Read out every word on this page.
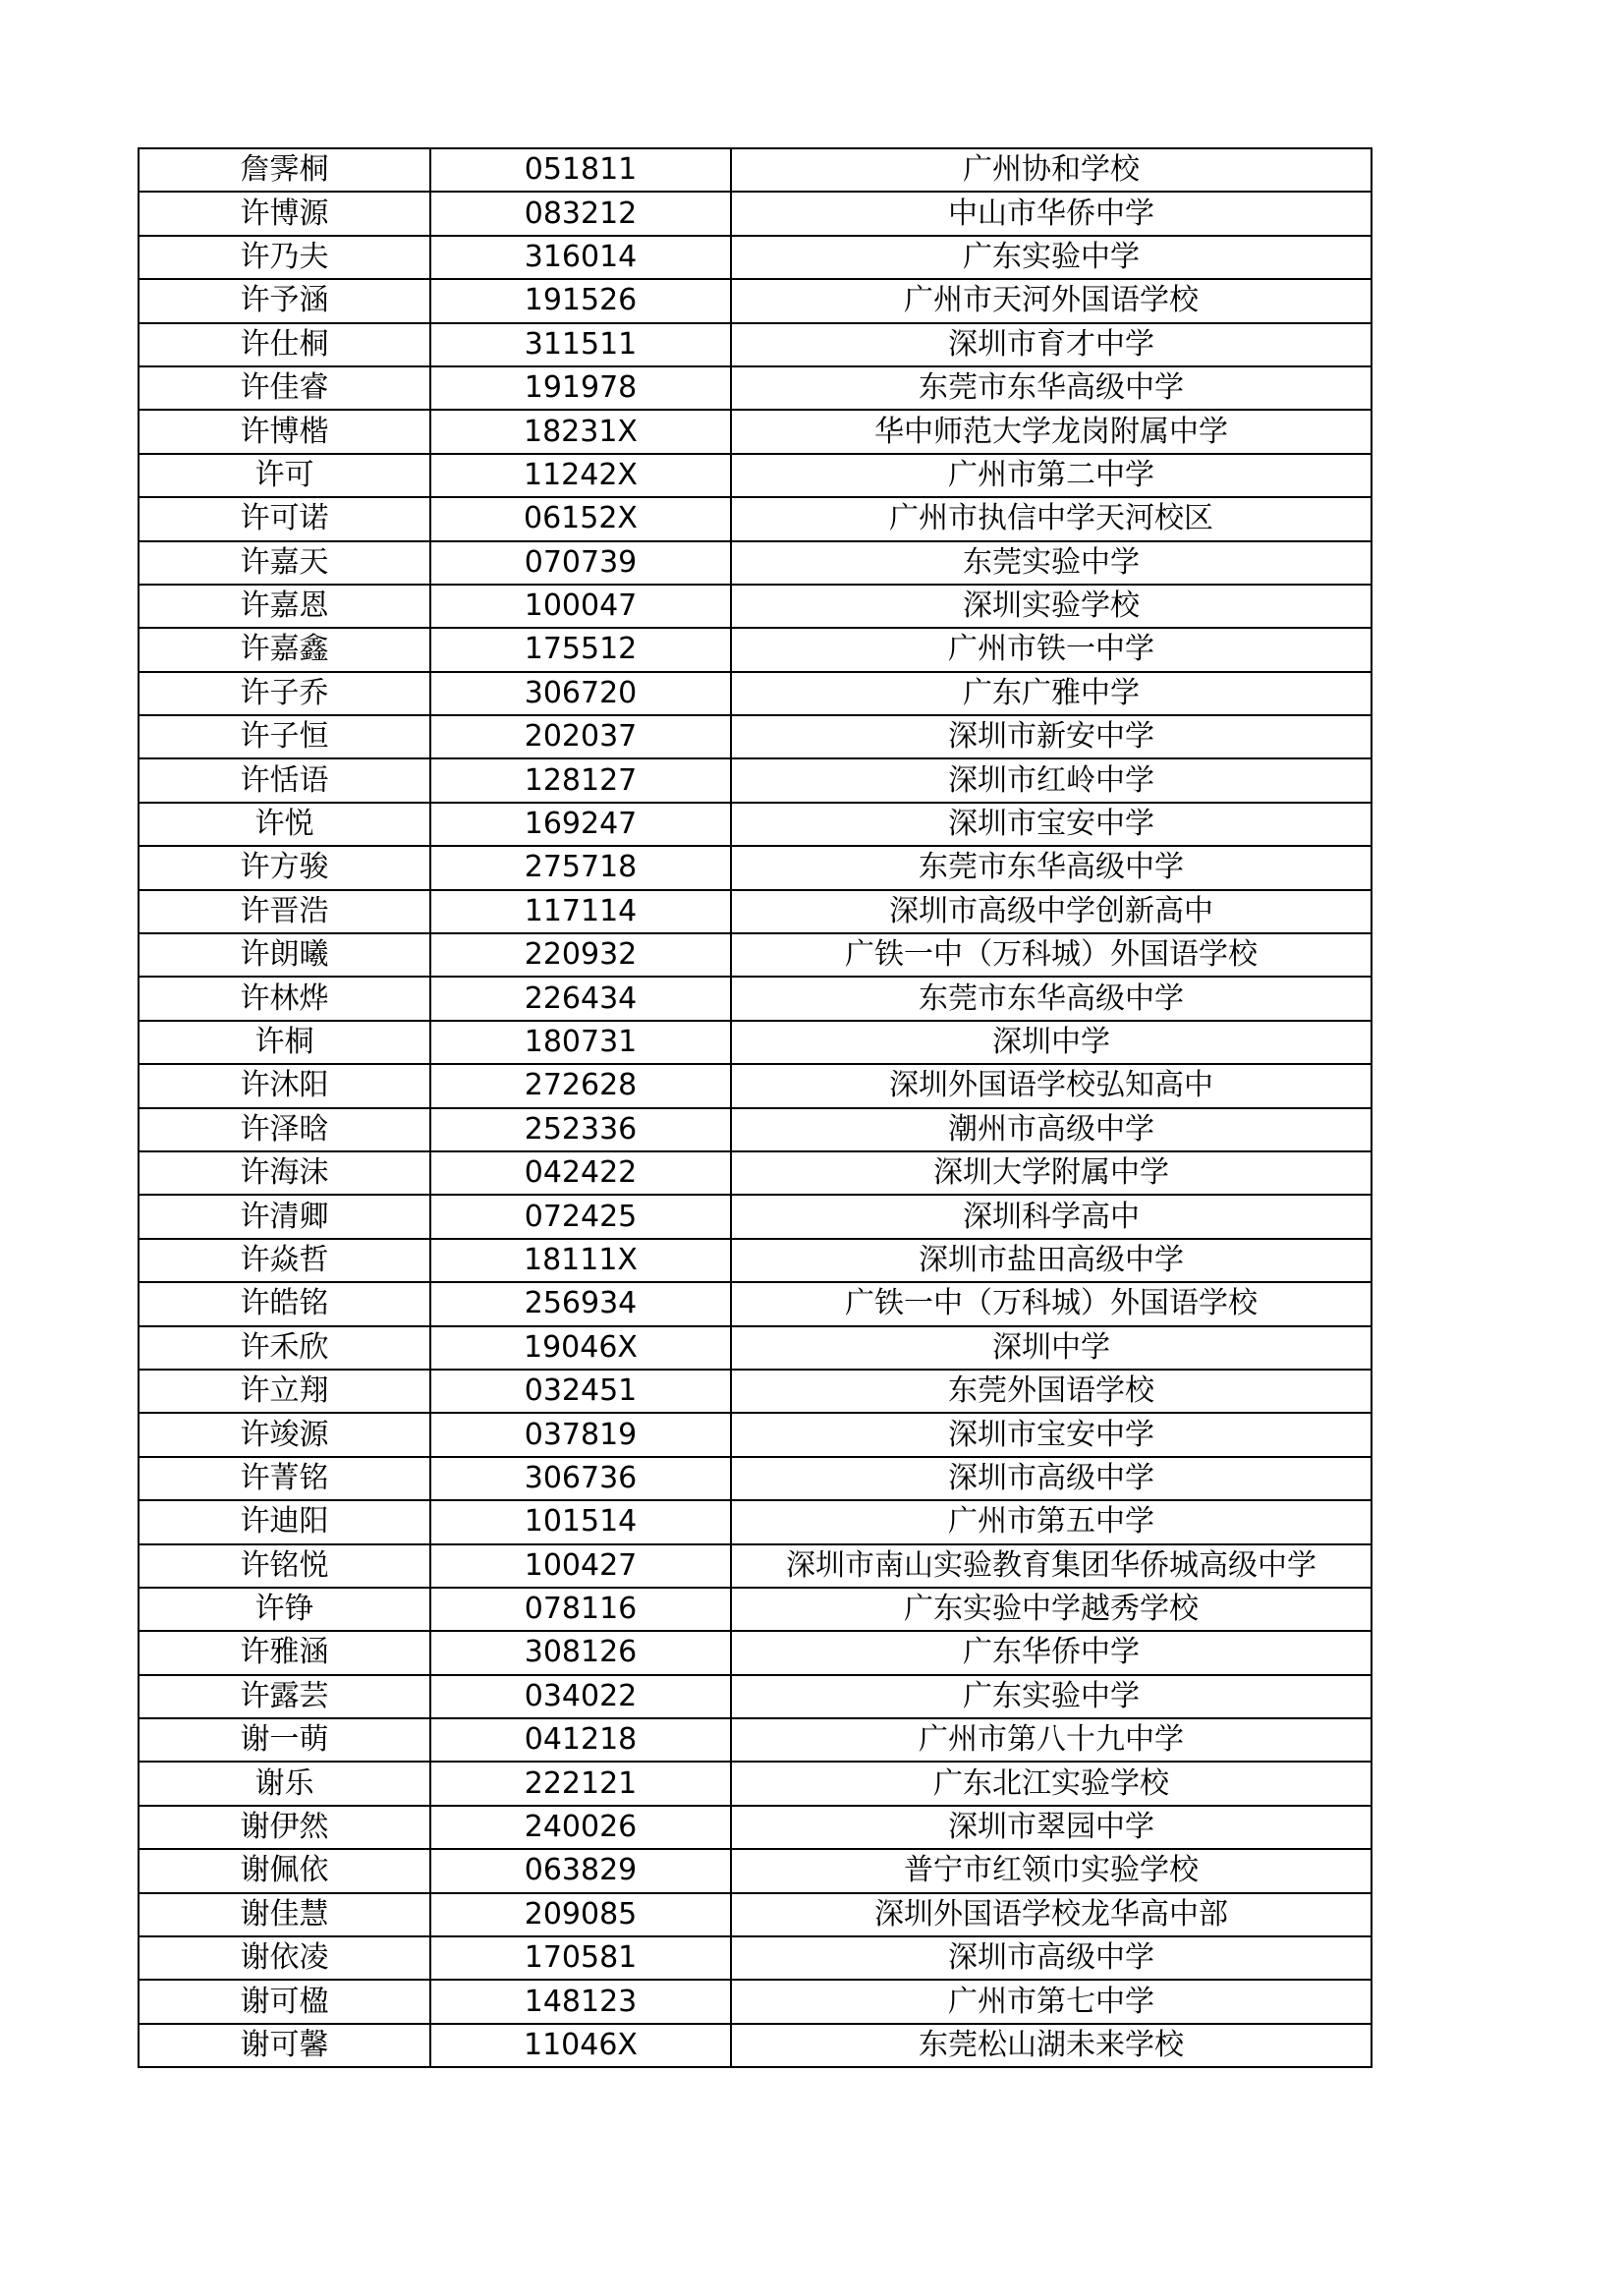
詹霁桐	051811	广州协和学校
许博源	083212	中山市华侨中学
许乃夫	316014	广东实验中学
许予涵	191526	广州市天河外国语学校
许仕桐	311511	深圳市育才中学
许佳睿	191978	东莞市东华高级中学
许博楷	18231X	华中师范大学龙岗附属中学
许可	11242X	广州市第二中学
许可诺	06152X	广州市执信中学天河校区
许嘉天	070739	东莞实验中学
许嘉恩	100047	深圳实验学校
许嘉鑫	175512	广州市铁一中学
许子乔	306720	广东广雅中学
许子恒	202037	深圳市新安中学
许恬语	128127	深圳市红岭中学
许悦	169247	深圳市宝安中学
许方骏	275718	东莞市东华高级中学
许晋浩	117114	深圳市高级中学创新高中
许朗曦	220932	广铁一中（万科城）外国语学校
许林烨	226434	东莞市东华高级中学
许桐	180731	深圳中学
许沐阳	272628	深圳外国语学校弘知高中
许泽晗	252336	潮州市高级中学
许海沫	042422	深圳大学附属中学
许清卿	072425	深圳科学高中
许焱哲	18111X	深圳市盐田高级中学
许皓铭	256934	广铁一中（万科城）外国语学校
许禾欣	19046X	深圳中学
许立翔	032451	东莞外国语学校
许竣源	037819	深圳市宝安中学
许菁铭	306736	深圳市高级中学
许迪阳	101514	广州市第五中学
许铭悦	100427	深圳市南山实验教育集团华侨城高级中学
许铮	078116	广东实验中学越秀学校
许雅涵	308126	广东华侨中学
许露芸	034022	广东实验中学
谢一萌	041218	广州市第八十九中学
谢乐	222121	广东北江实验学校
谢伊然	240026	深圳市翠园中学
谢佩依	063829	普宁市红领巾实验学校
谢佳慧	209085	深圳外国语学校龙华高中部
谢依凌	170581	深圳市高级中学
谢可楹	148123	广州市第七中学
谢可馨	11046X	东莞松山湖未来学校
